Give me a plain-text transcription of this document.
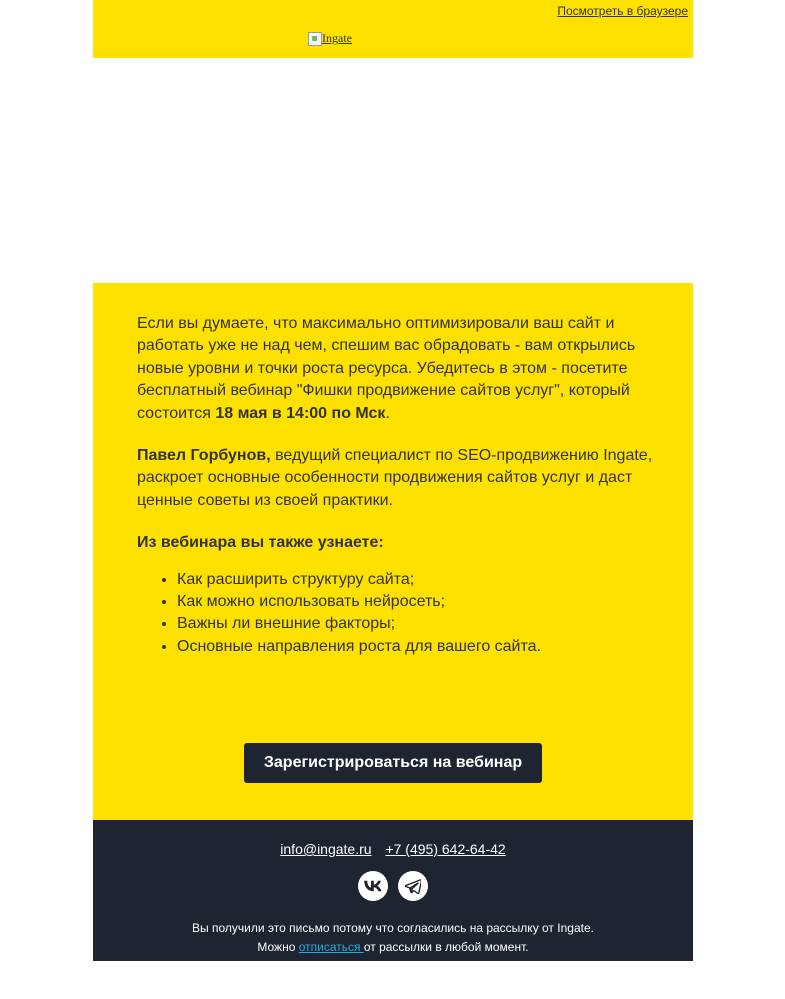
Посмотреть в браузере
Ingate

Если вы думаете, что максимально оптимизировали ваш сайт и работать уже не над чем, спешим вас обрадовать - вам открылись новые уровни и точки роста ресурса. Убедитесь в этом - посетите бесплатный вебинар "Фишки продвижение сайтов услуг", который состоится 18 мая в 14:00 по Мск.

Павел Горбунов, ведущий специалист по SEO-продвижению Ingate, раскроет основные особенности продвижения сайтов услуг и даст ценные советы из своей практики.

Из вебинара вы также узнаете:

• Как расширить структуру сайта;
• Как можно использовать нейросеть;
• Важны ли внешние факторы;
• Основные направления роста для вашего сайта.
Зарегистрироваться на вебинар
info@ingate.ru +7 (495) 642-64-42
Вы получили это письмо потому что согласились на рассылку от Ingate.
Можно отписаться от рассылки в любой момент.
